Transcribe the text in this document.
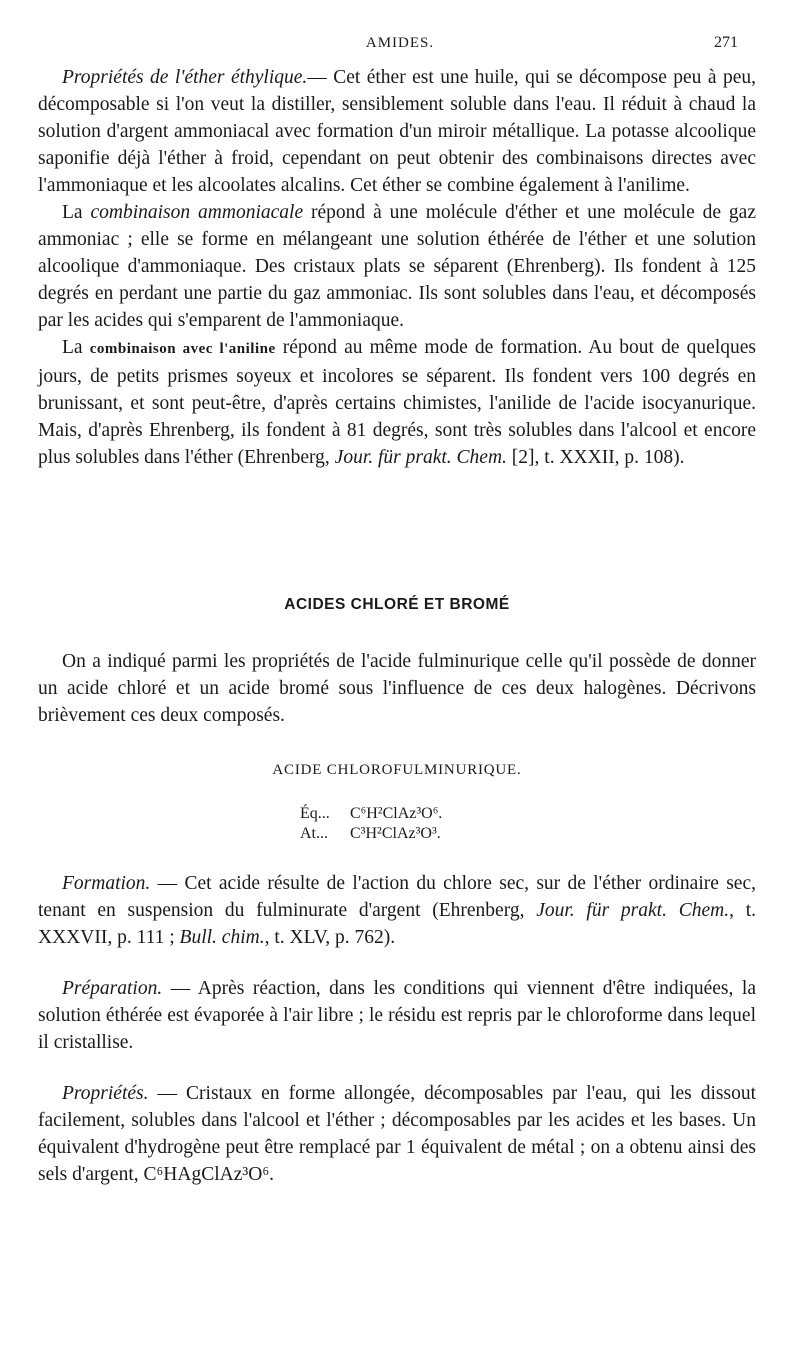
AMIDES.	271

Propriétés de l'éther éthylique.— Cet éther est une huile, qui se décompose peu à peu, décomposable si l'on veut la distiller, sensiblement soluble dans l'eau. Il réduit à chaud la solution d'argent ammoniacal avec formation d'un miroir métallique. La potasse alcoolique saponifie déjà l'éther à froid, cependant on peut obtenir des combinaisons directes avec l'ammoniaque et les alcoolates alcalins. Cet éther se combine également à l'anilime.

La combinaison ammoniacale répond à une molécule d'éther et une molécule de gaz ammoniac ; elle se forme en mélangeant une solution éthérée de l'éther et une solution alcoolique d'ammoniaque. Des cristaux plats se séparent (Ehrenberg). Ils fondent à 125 degrés en perdant une partie du gaz ammoniac. Ils sont solubles dans l'eau, et décomposés par les acides qui s'emparent de l'ammoniaque.

La combinaison avec l'aniline répond au même mode de formation. Au bout de quelques jours, de petits prismes soyeux et incolores se séparent. Ils fondent vers 100 degrés en brunissant, et sont peut-être, d'après certains chimistes, l'anilide de l'acide isocyanurique. Mais, d'après Ehrenberg, ils fondent à 81 degrés, sont très solubles dans l'alcool et encore plus solubles dans l'éther (Ehrenberg, Jour. für prakt. Chem. [2], t. XXXII, p. 108).

ACIDES CHLORÉ ET BROMÉ

On a indiqué parmi les propriétés de l'acide fulminurique celle qu'il possède de donner un acide chloré et un acide bromé sous l'influence de ces deux halogènes. Décrivons brièvement ces deux composés.

ACIDE CHLOROFULMINURIQUE.
Éq...	C⁶H²ClAz³O⁶.
At...	C³H²ClAz³O³.

Formation. — Cet acide résulte de l'action du chlore sec, sur de l'éther ordinaire sec, tenant en suspension du fulminurate d'argent (Ehrenberg, Jour. für prakt. Chem., t. XXXVII, p. 111 ; Bull. chim., t. XLV, p. 762).

Préparation. — Après réaction, dans les conditions qui viennent d'être indiquées, la solution éthérée est évaporée à l'air libre ; le résidu est repris par le chloroforme dans lequel il cristallise.

Propriétés. — Cristaux en forme allongée, décomposables par l'eau, qui les dissout facilement, solubles dans l'alcool et l'éther ; décomposables par les acides et les bases. Un équivalent d'hydrogène peut être remplacé par 1 équivalent de métal ; on a obtenu ainsi des sels d'argent, C⁶HAgClAz³O⁶.
